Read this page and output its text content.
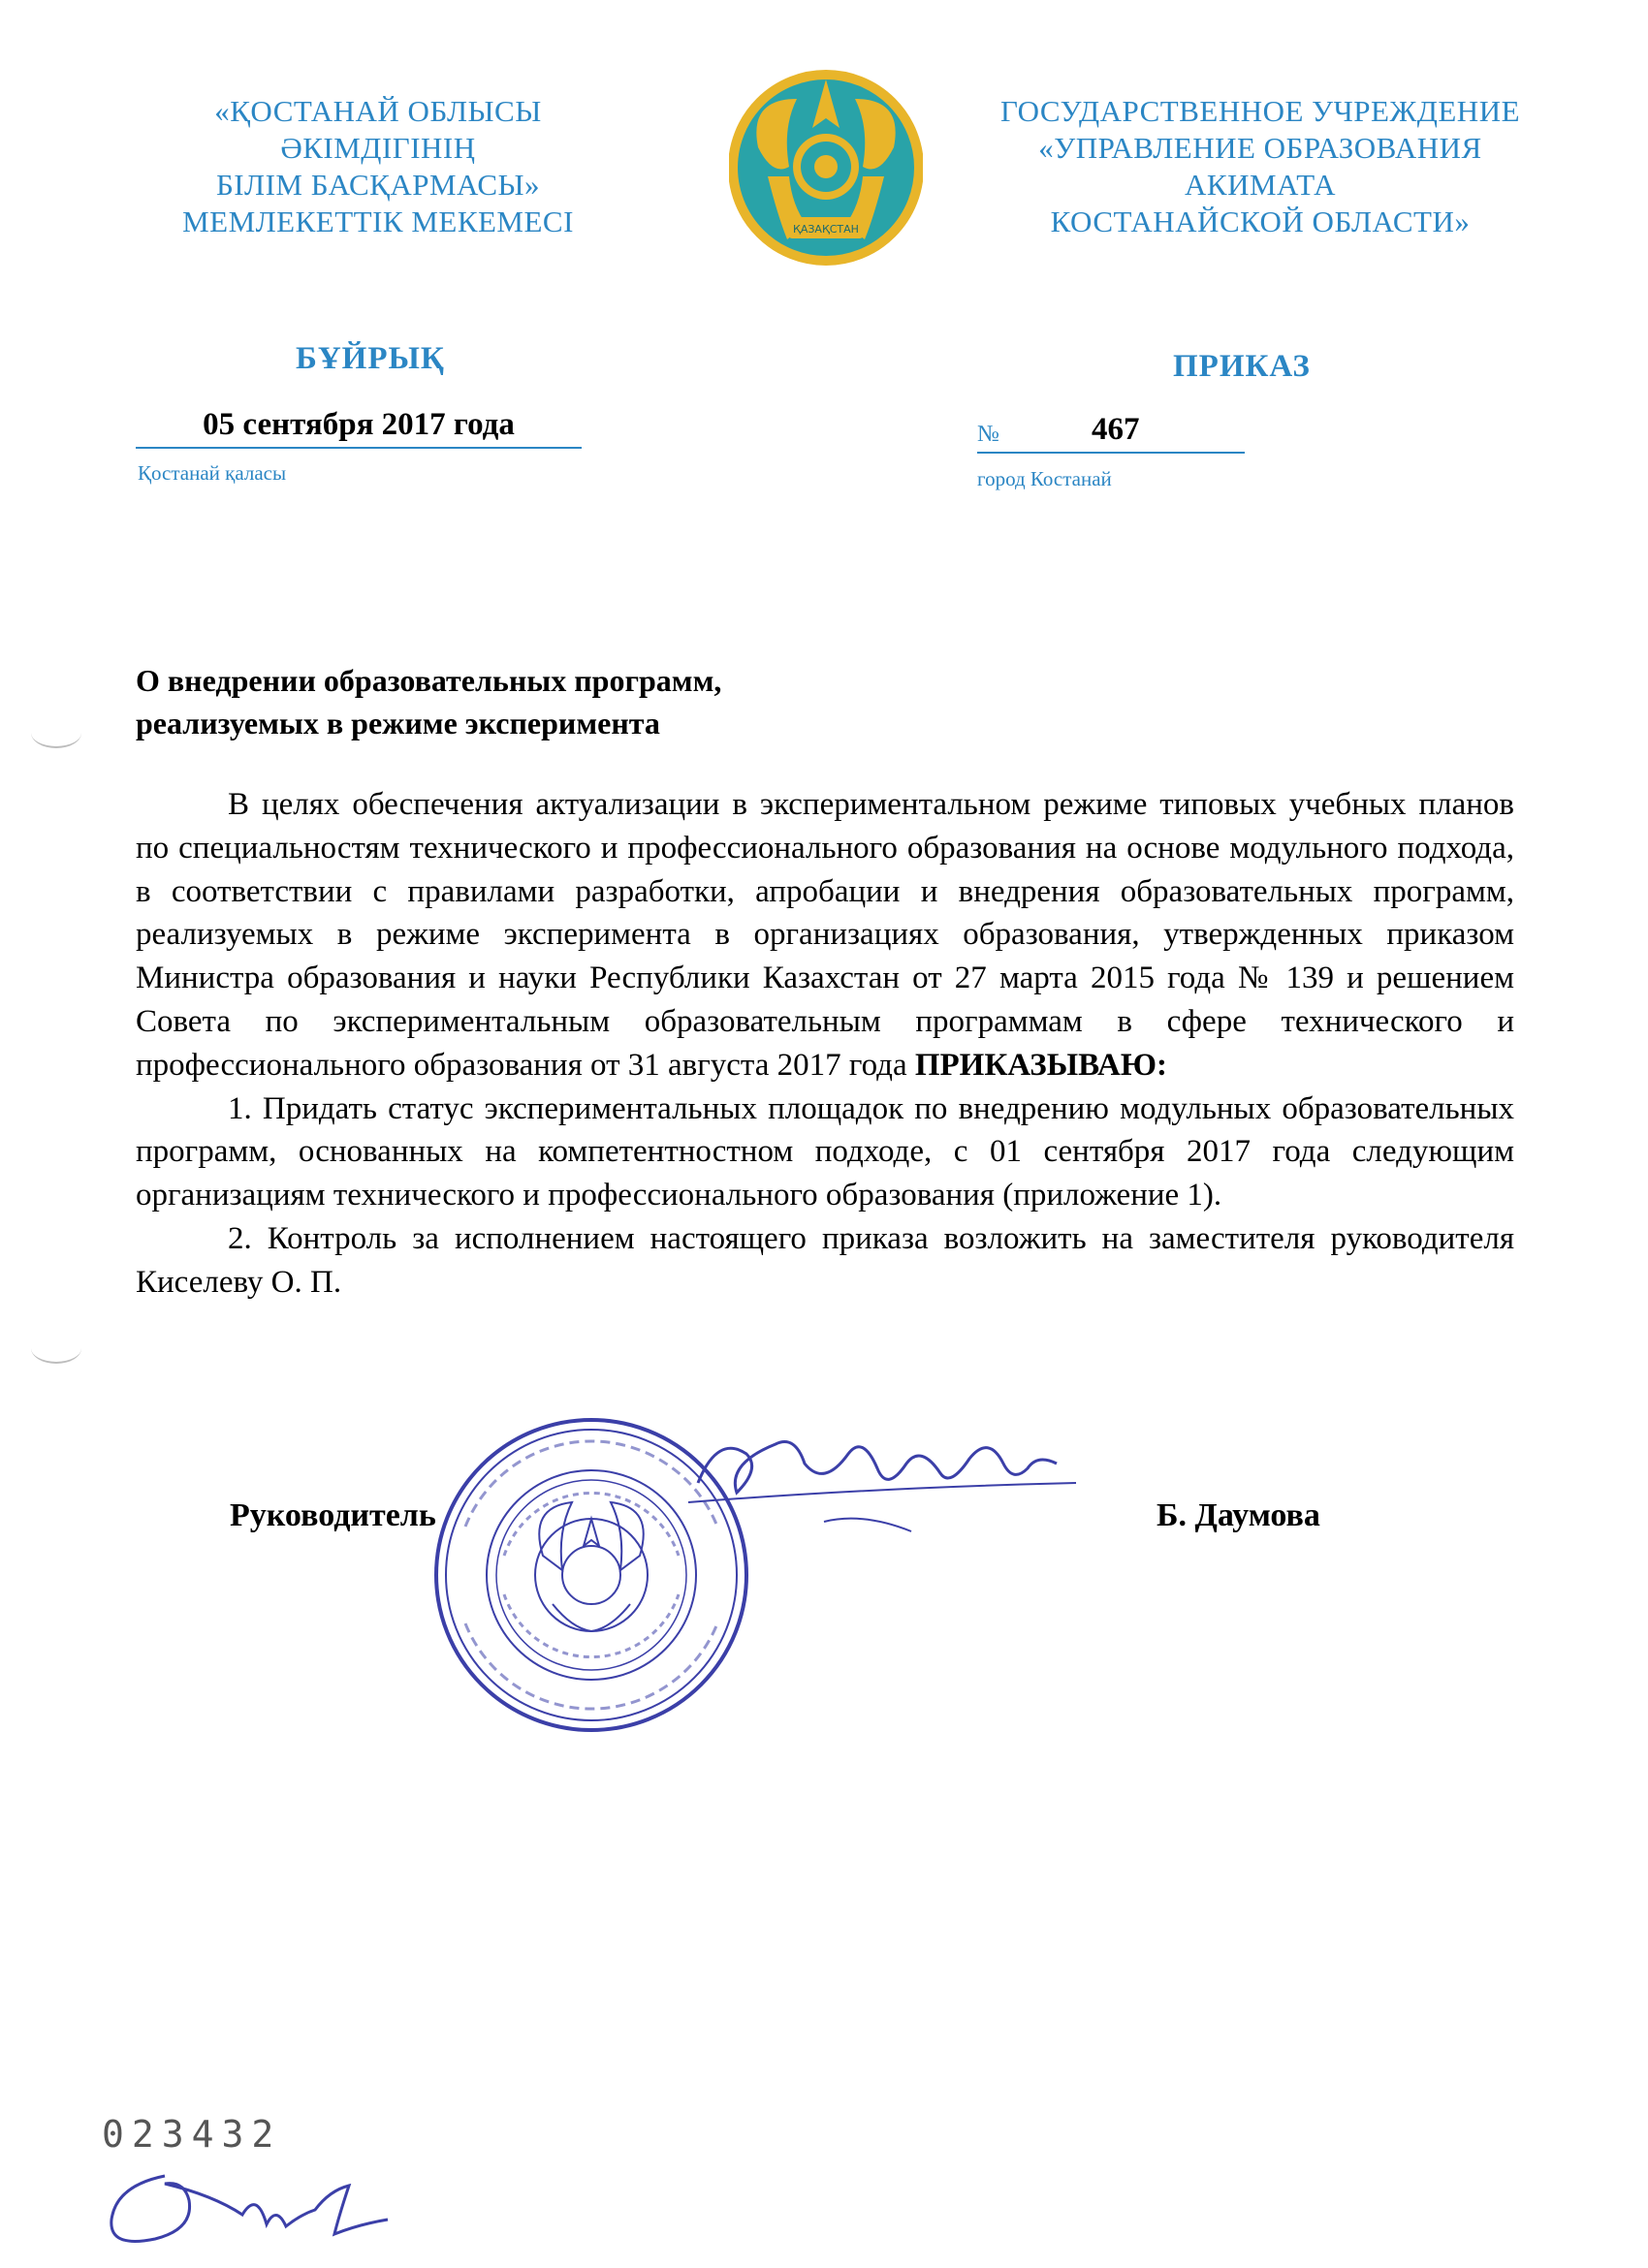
«ҚОСТАНАЙ ОБЛЫСЫ
ӘКІМДІГІНІҢ
БІЛІМ БАСҚАРМАСЫ»
МЕМЛЕКЕТТІК МЕКЕМЕСІ	ҚАЗАҚСТАН
ГОСУДАРСТВЕННОЕ УЧРЕЖДЕНИЕ
«УПРАВЛЕНИЕ ОБРАЗОВАНИЯ
АКИМАТА
КОСТАНАЙСКОЙ ОБЛАСТИ»
БҰЙРЫҚ	ПРИКАЗ
05 сентября 2017 года
Қостанай қаласы
№	467
город Костанай
О внедрении образовательных программ,
реализуемых в режиме эксперимента

В целях обеспечения актуализации в экспериментальном режиме типовых учебных планов по специальностям технического и профессионального образования на основе модульного подхода, в соответствии с правилами разработки, апробации и внедрения образовательных программ, реализуемых в режиме эксперимента в организациях образования, утвержденных приказом Министра образования и науки Республики Казахстан от 27 марта 2015 года № 139 и решением Совета по экспериментальным образовательным программам в сфере технического и профессионального образования от 31 августа 2017 года ПРИКАЗЫВАЮ:

1. Придать статус экспериментальных площадок по внедрению модульных образовательных программ, основанных на компетентностном подходе, с 01 сентября 2017 года следующим организациям технического и профессионального образования (приложение 1).

2. Контроль за исполнением настоящего приказа возложить на заместителя руководителя Киселеву О. П.

Руководитель	Б. Даумова
023432
